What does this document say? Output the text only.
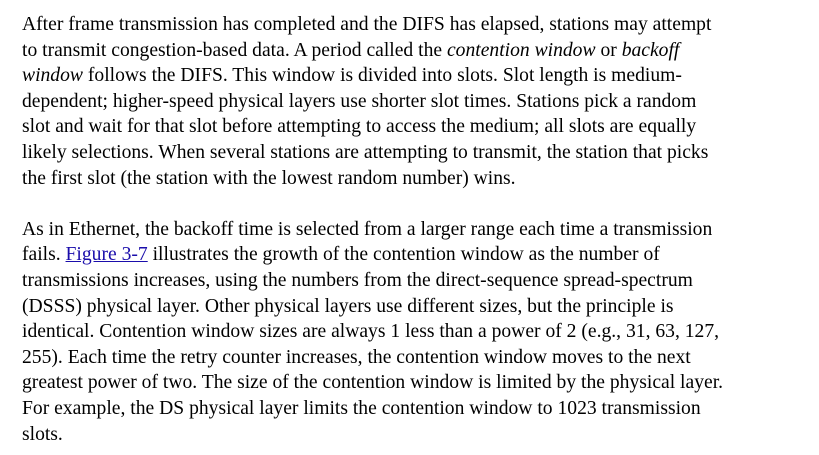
After frame transmission has completed and the DIFS has elapsed, stations may attempt
to transmit congestion-based data. A period called the contention window or backoff
window follows the DIFS. This window is divided into slots. Slot length is medium-
dependent; higher-speed physical layers use shorter slot times. Stations pick a random
slot and wait for that slot before attempting to access the medium; all slots are equally
likely selections. When several stations are attempting to transmit, the station that picks
the first slot (the station with the lowest random number) wins.

As in Ethernet, the backoff time is selected from a larger range each time a transmission
fails. Figure 3-7 illustrates the growth of the contention window as the number of
transmissions increases, using the numbers from the direct-sequence spread-spectrum
(DSSS) physical layer. Other physical layers use different sizes, but the principle is
identical. Contention window sizes are always 1 less than a power of 2 (e.g., 31, 63, 127,
255). Each time the retry counter increases, the contention window moves to the next
greatest power of two. The size of the contention window is limited by the physical layer.
For example, the DS physical layer limits the contention window to 1023 transmission
slots.
